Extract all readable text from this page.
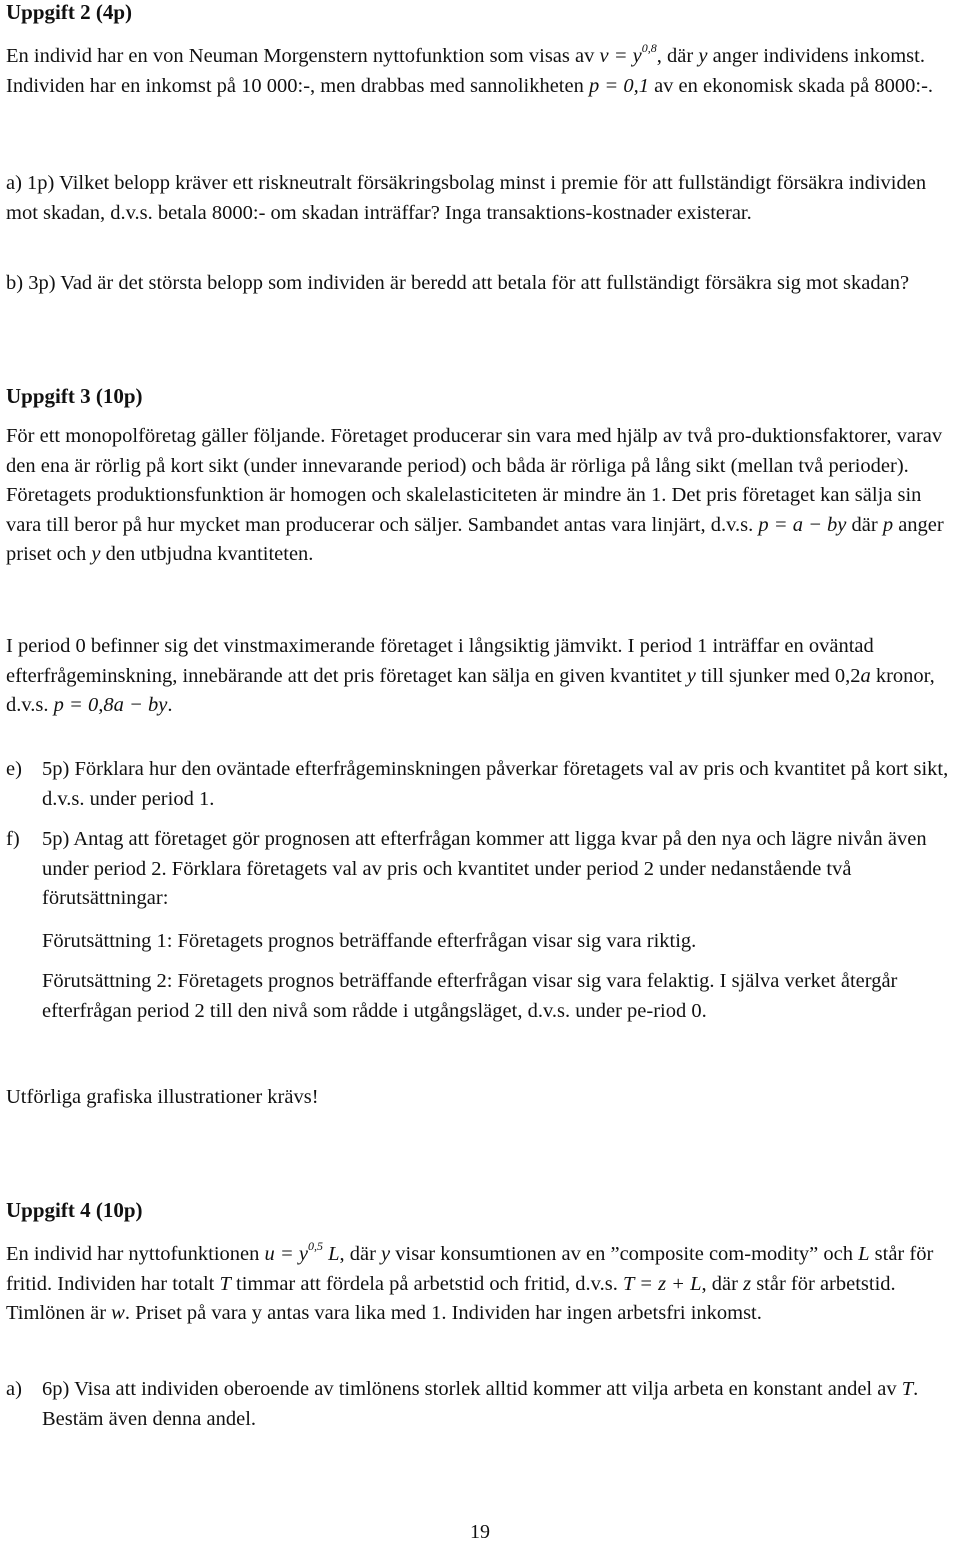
Uppgift 2 (4p)

En individ har en von Neuman Morgenstern nyttofunktion som visas av $v = y^{0,8}$, där y anger individens inkomst. Individen har en inkomst på 10 000:-, men drabbas med sannolikheten p = 0,1 av en ekonomisk skada på 8000:-.

a) 1p) Vilket belopp kräver ett riskneutralt försäkringsbolag minst i premie för att fullständigt försäkra individen mot skadan, d.v.s. betala 8000:- om skadan inträffar? Inga transaktions-kostnader existerar.

b) 3p) Vad är det största belopp som individen är beredd att betala för att fullständigt försäkra sig mot skadan?

Uppgift 3 (10p)

För ett monopolföretag gäller följande. Företaget producerar sin vara med hjälp av två pro-duktionsfaktorer, varav den ena är rörlig på kort sikt (under innevarande period) och båda är rörliga på lång sikt (mellan två perioder). Företagets produktionsfunktion är homogen och skalelasticiteten är mindre än 1. Det pris företaget kan sälja sin vara till beror på hur mycket man producerar och säljer. Sambandet antas vara linjärt, d.v.s. p = a − by där p anger priset och y den utbjudna kvantiteten.

I period 0 befinner sig det vinstmaximerande företaget i långsiktig jämvikt. I period 1 inträffar en oväntad efterfrågeminskning, innebärande att det pris företaget kan sälja en given kvantitet y till sjunker med 0,2a kronor, d.v.s. p = 0,8a − by.

e) 5p) Förklara hur den oväntade efterfrågeminskningen påverkar företagets val av pris och kvantitet på kort sikt, d.v.s. under period 1.
f) 5p) Antag att företaget gör prognosen att efterfrågan kommer att ligga kvar på den nya och lägre nivån även under period 2. Förklara företagets val av pris och kvantitet under period 2 under nedanstående två förutsättningar:

Förutsättning 1: Företagets prognos beträffande efterfrågan visar sig vara riktig.

Förutsättning 2: Företagets prognos beträffande efterfrågan visar sig vara felaktig. I själva verket återgår efterfrågan period 2 till den nivå som rådde i utgångsläget, d.v.s. under pe-riod 0.

Utförliga grafiska illustrationer krävs!

Uppgift 4 (10p)

En individ har nyttofunktionen $u = y^{0,5}$ L, där y visar konsumtionen av en ”composite com-modity” och L står för fritid. Individen har totalt T timmar att fördela på arbetstid och fritid, d.v.s. T = z + L, där z står för arbetstid. Timlönen är w. Priset på vara y antas vara lika med 1. Individen har ingen arbetsfri inkomst.

a) 6p) Visa att individen oberoende av timlönens storlek alltid kommer att vilja arbeta en konstant andel av T. Bestäm även denna andel.
19
